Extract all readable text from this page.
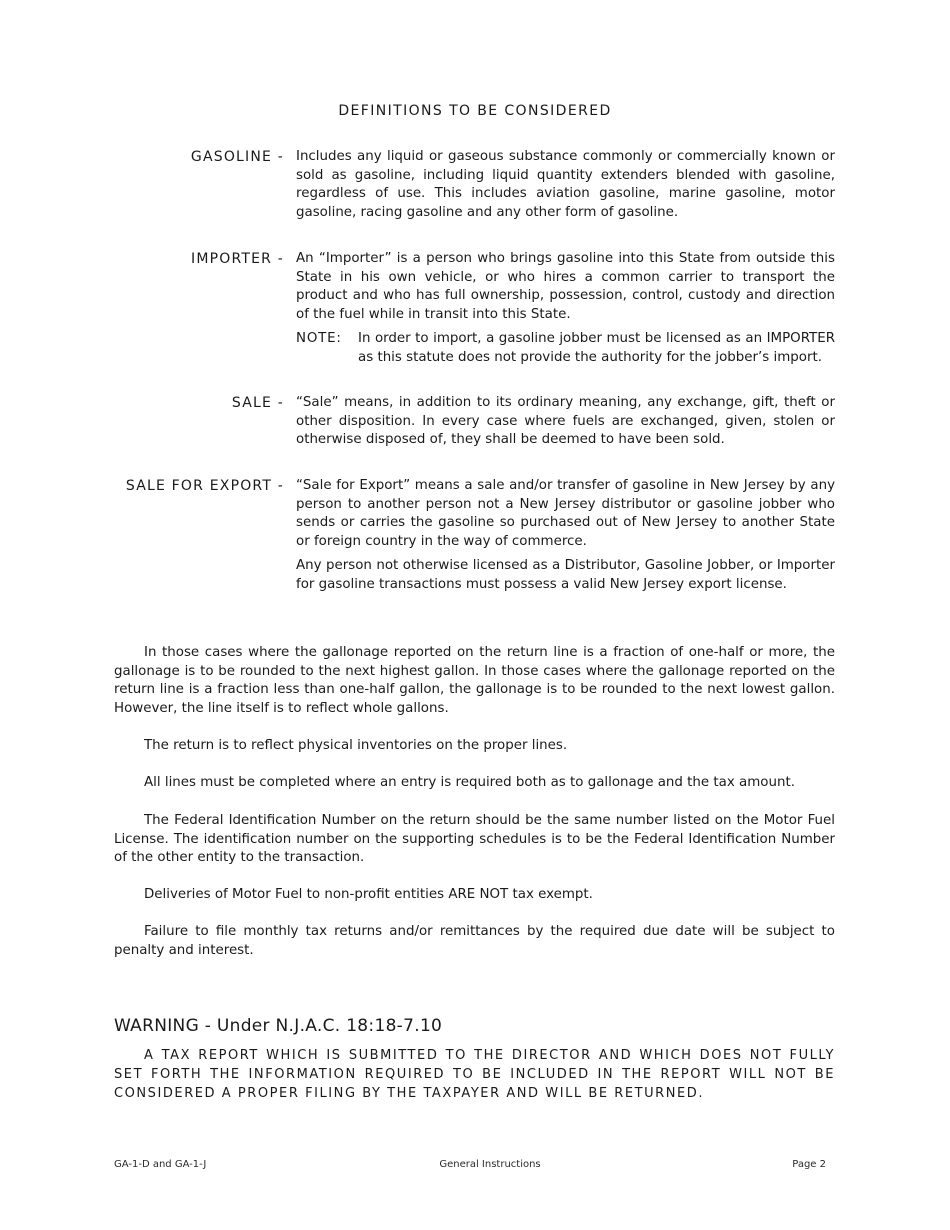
DEFINITIONS TO BE CONSIDERED
GASOLINE - Includes any liquid or gaseous substance commonly or commercially known or sold as gasoline, including liquid quantity extenders blended with gasoline, regardless of use. This includes aviation gasoline, marine gasoline, motor gasoline, racing gasoline and any other form of gasoline.

IMPORTER - An “Importer” is a person who brings gasoline into this State from outside this State in his own vehicle, or who hires a common carrier to transport the product and who has full ownership, possession, control, custody and direction of the fuel while in transit into this State.

NOTE:	In order to import, a gasoline jobber must be licensed as an IMPORTER as this statute does not provide the authority for the jobber’s import.
SALE - “Sale” means, in addition to its ordinary meaning, any exchange, gift, theft or other disposition. In every case where fuels are exchanged, given, stolen or otherwise disposed of, they shall be deemed to have been sold.

SALE FOR EXPORT - “Sale for Export” means a sale and/or transfer of gasoline in New Jersey by any person to another person not a New Jersey distributor or gasoline jobber who sends or carries the gasoline so purchased out of New Jersey to another State or foreign country in the way of commerce.

Any person not otherwise licensed as a Distributor, Gasoline Jobber, or Importer for gasoline transactions must possess a valid New Jersey export license.

In those cases where the gallonage reported on the return line is a fraction of one-half or more, the gallonage is to be rounded to the next highest gallon. In those cases where the gallonage reported on the return line is a fraction less than one-half gallon, the gallonage is to be rounded to the next lowest gallon. However, the line itself is to reflect whole gallons.

The return is to reflect physical inventories on the proper lines.

All lines must be completed where an entry is required both as to gallonage and the tax amount.

The Federal Identification Number on the return should be the same number listed on the Motor Fuel License. The identification number on the supporting schedules is to be the Federal Identification Number of the other entity to the transaction.

Deliveries of Motor Fuel to non-profit entities ARE NOT tax exempt.

Failure to file monthly tax returns and/or remittances by the required due date will be subject to penalty and interest.

WARNING - Under N.J.A.C. 18:18-7.10

A TAX REPORT WHICH IS SUBMITTED TO THE DIRECTOR AND WHICH DOES NOT FULLY SET FORTH THE INFORMATION REQUIRED TO BE INCLUDED IN THE REPORT WILL NOT BE CONSIDERED A PROPER FILING BY THE TAXPAYER AND WILL BE RETURNED.

GA-1-D and GA-1-J	General Instructions	Page 2
